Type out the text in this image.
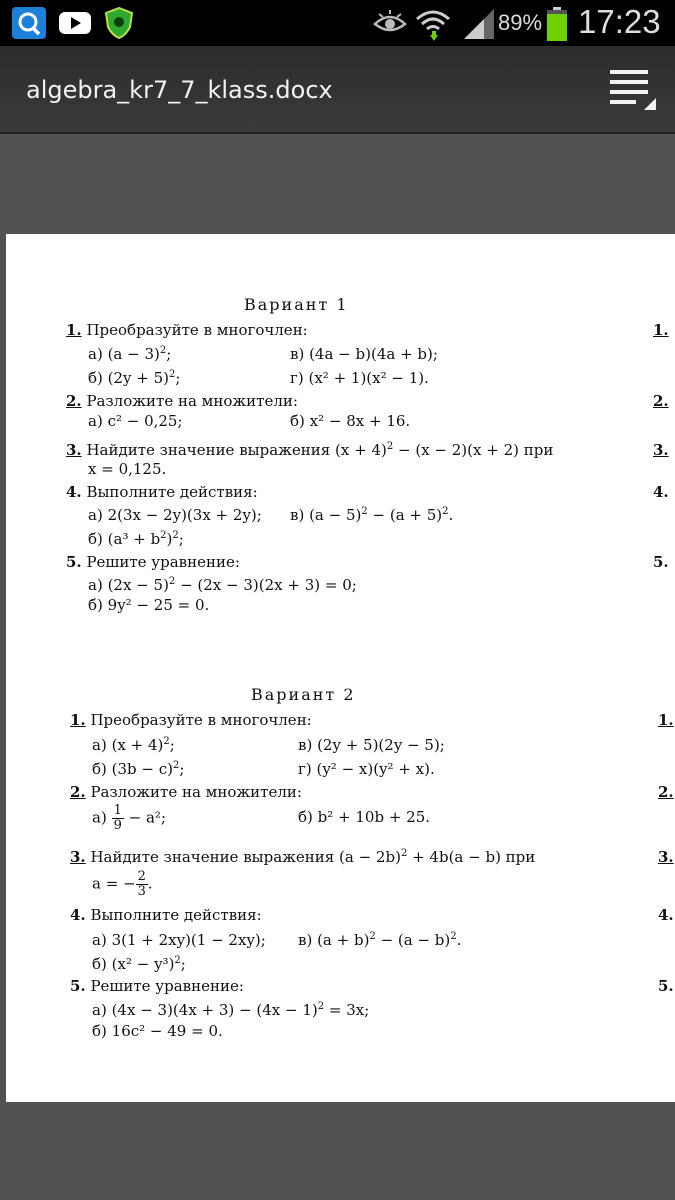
89% 17:23
algebra_kr7_7_klass.docx
Вариант 1
1. Преобразуйте в многочлен:	1.
а) $(a - 3)^2$;	в) (4a − b)(4a + b);
б) $(2y + 5)^2$;	г) (x² + 1)(x² − 1).
2. Разложите на множители:	2.
а) c² − 0,25;	б) x² − 8x + 16.
3. Найдите значение выражения $(x + 4)^2 - (x - 2)(x + 2)$ при	3.
x = 0,125.
4. Выполните действия:	4.
а) 2(3x − 2y)(3x + 2y); в) $(a - 5)^2 - (a + 5)^2$.
б) $(a^3 + b^2)^2$;
5. Решите уравнение:	5.
а) $(2x - 5)^2 - (2x - 3)(2x + 3) = 0$;
б) 9y² − 25 = 0.
Вариант 2
1. Преобразуйте в многочлен:	1.
а) $(x + 4)^2$;	в) (2y + 5)(2y − 5);
б) $(3b - c)^2$;	г) (y² − x)(y² + x).
2. Разложите на множители:	2.
$а) \frac{1}{9} - a^2$;	б) b² + 10b + 25.
3. Найдите значение выражения $(a - 2b)^2 + 4b(a - b)$ при	3.
a = − $\frac{2}{3}$ .
4. Выполните действия:	4.
а) 3(1 + 2xy)(1 − 2xy); в) $(a + b)^2 - (a - b)^2$.
б) $(x^2 - y^3)^2$;
5. Решите уравнение:	5.
а) $(4x - 3)(4x + 3) - (4x - 1)^2 = 3x$;
б) 16c² − 49 = 0.
